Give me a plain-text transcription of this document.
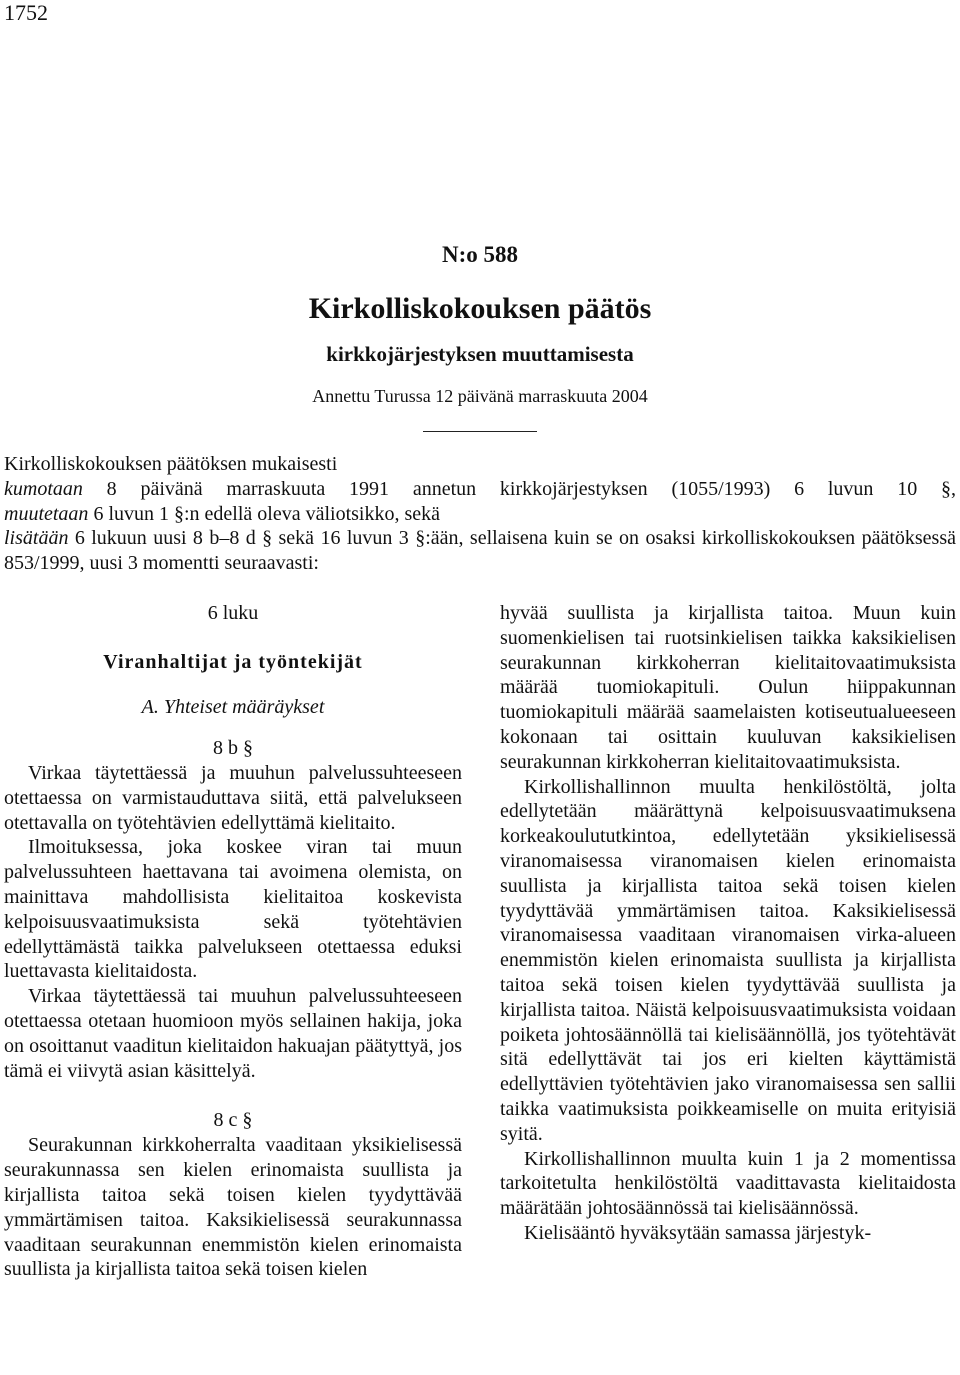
1752
N:o 588
Kirkolliskokouksen päätös
kirkkojärjestyksen muuttamisesta
Annettu Turussa 12 päivänä marraskuuta 2004

Kirkolliskokouksen päätöksen mukaisesti

kumotaan 8 päivänä marraskuuta 1991 annetun kirkkojärjestyksen (1055/1993) 6 luvun 10 §,

muutetaan 6 luvun 1 §:n edellä oleva väliotsikko, sekä

lisätään 6 lukuun uusi 8 b–8 d § sekä 16 luvun 3 §:ään, sellaisena kuin se on osaksi kirkolliskokouksen päätöksessä 853/1999, uusi 3 momentti seuraavasti:

6 luku
Viranhaltijat ja työntekijät
A. Yhteiset määräykset
8 b §

Virkaa täytettäessä ja muuhun palvelussuhteeseen otettaessa on varmistauduttava siitä, että palvelukseen otettavalla on työtehtävien edellyttämä kielitaito.

Ilmoituksessa, joka koskee viran tai muun palvelussuhteen haettavana tai avoimena olemista, on mainittava mahdollisista kielitaitoa koskevista kelpoisuusvaatimuksista sekä työtehtävien edellyttämästä taikka palvelukseen otettaessa eduksi luettavasta kielitaidosta.

Virkaa täytettäessä tai muuhun palvelussuhteeseen otettaessa otetaan huomioon myös sellainen hakija, joka on osoittanut vaaditun kielitaidon hakuajan päätyttyä, jos tämä ei viivytä asian käsittelyä.

8 c §

Seurakunnan kirkkoherralta vaaditaan yksikielisessä seurakunnassa sen kielen erinomaista suullista ja kirjallista taitoa sekä toisen kielen tyydyttävää ymmärtämisen taitoa. Kaksikielisessä seurakunnassa vaaditaan seurakunnan enemmistön kielen erinomaista suullista ja kirjallista taitoa sekä toisen kielen

hyvää suullista ja kirjallista taitoa. Muun kuin suomenkielisen tai ruotsinkielisen taikka kaksikielisen seurakunnan kirkkoherran kielitaitovaatimuksista määrää tuomiokapituli. Oulun hiippakunnan tuomiokapituli määrää saamelaisten kotiseutualueeseen kokonaan tai osittain kuuluvan kaksikielisen seurakunnan kirkkoherran kielitaitovaatimuksista.

Kirkollishallinnon muulta henkilöstöltä, jolta edellytetään määrättynä kelpoisuusvaatimuksena korkeakoulututkintoa, edellytetään yksikielisessä viranomaisessa viranomaisen kielen erinomaista suullista ja kirjallista taitoa sekä toisen kielen tyydyttävää ymmärtämisen taitoa. Kaksikielisessä viranomaisessa vaaditaan viranomaisen virka-alueen enemmistön kielen erinomaista suullista ja kirjallista taitoa sekä toisen kielen tyydyttävää suullista ja kirjallista taitoa. Näistä kelpoisuusvaatimuksista voidaan poiketa johtosäännöllä tai kielisäännöllä, jos työtehtävät sitä edellyttävät tai jos eri kielten käyttämistä edellyttävien työtehtävien jako viranomaisessa sen sallii taikka vaatimuksista poikkeamiselle on muita erityisiä syitä.

Kirkollishallinnon muulta kuin 1 ja 2 momentissa tarkoitetulta henkilöstöltä vaadittavasta kielitaidosta määrätään johtosäännössä tai kielisäännössä.

Kielisääntö hyväksytään samassa järjestyk-
